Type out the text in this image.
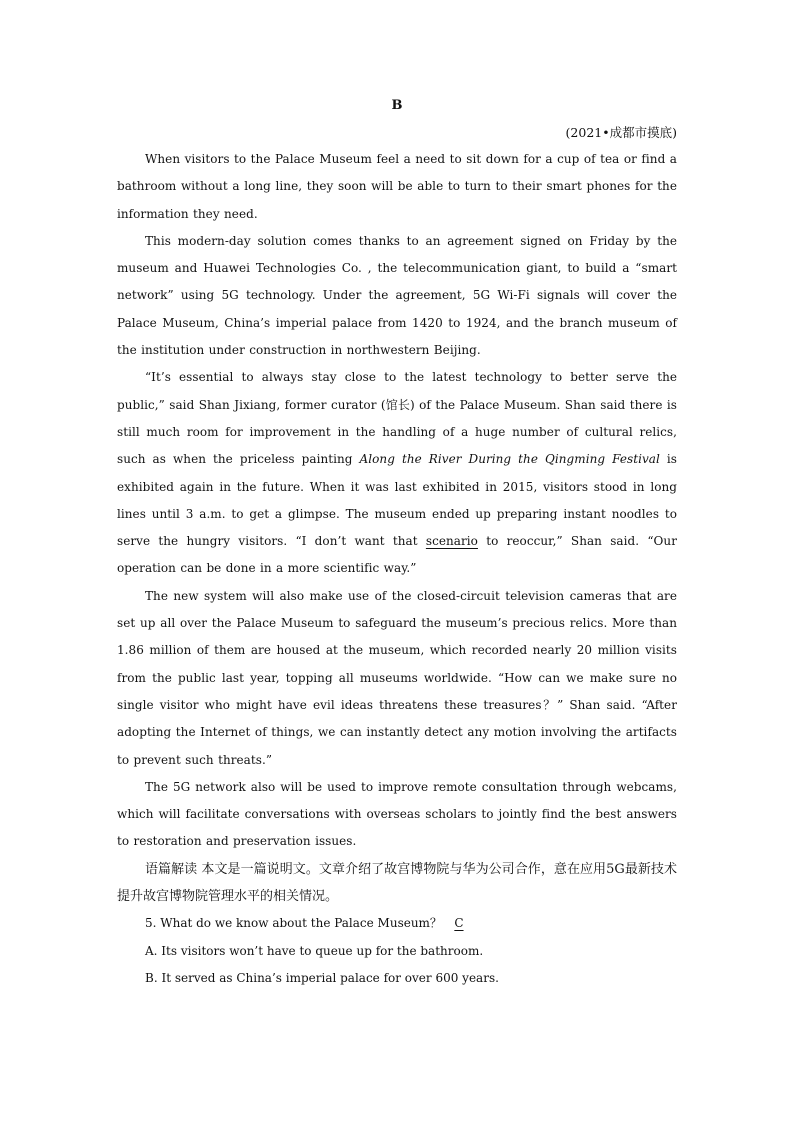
B
(2021•成都市摸底)

When visitors to the Palace Museum feel a need to sit down for a cup of tea or find a bathroom without a long line, they soon will be able to turn to their smart phones for the information they need.

This modern-day solution comes thanks to an agreement signed on Friday by the museum and Huawei Technologies Co. , the telecommunication giant, to build a “smart network” using 5G technology. Under the agreement, 5G Wi-Fi signals will cover the Palace Museum, China’s imperial palace from 1420 to 1924, and the branch museum of the institution under construction in northwestern Beijing.

“It’s essential to always stay close to the latest technology to better serve the public,” said Shan Jixiang, former curator (馆长) of the Palace Museum. Shan said there is still much room for improvement in the handling of a huge number of cultural relics, such as when the priceless painting Along the River During the Qingming Festival is exhibited again in the future. When it was last exhibited in 2015, visitors stood in long lines until 3 a.m. to get a glimpse. The museum ended up preparing instant noodles to serve the hungry visitors. “I don’t want that scenario to reoccur,” Shan said. “Our operation can be done in a more scientific way.”

The new system will also make use of the closed-circuit television cameras that are set up all over the Palace Museum to safeguard the museum’s precious relics. More than 1.86 million of them are housed at the museum, which recorded nearly 20 million visits from the public last year, topping all museums worldwide. “How can we make sure no single visitor who might have evil ideas threatens these treasures？” Shan said. “After adopting the Internet of things, we can instantly detect any motion involving the artifacts to prevent such threats.”

The 5G network also will be used to improve remote consultation through webcams, which will facilitate conversations with overseas scholars to jointly find the best answers to restoration and preservation issues.

语篇解读 本文是一篇说明文。文章介绍了故宫博物院与华为公司合作，意在应用5G最新技术提升故宫博物院管理水平的相关情况。

5. What do we know about the Palace Museum？ C

A. Its visitors won’t have to queue up for the bathroom.

B. It served as China’s imperial palace for over 600 years.
